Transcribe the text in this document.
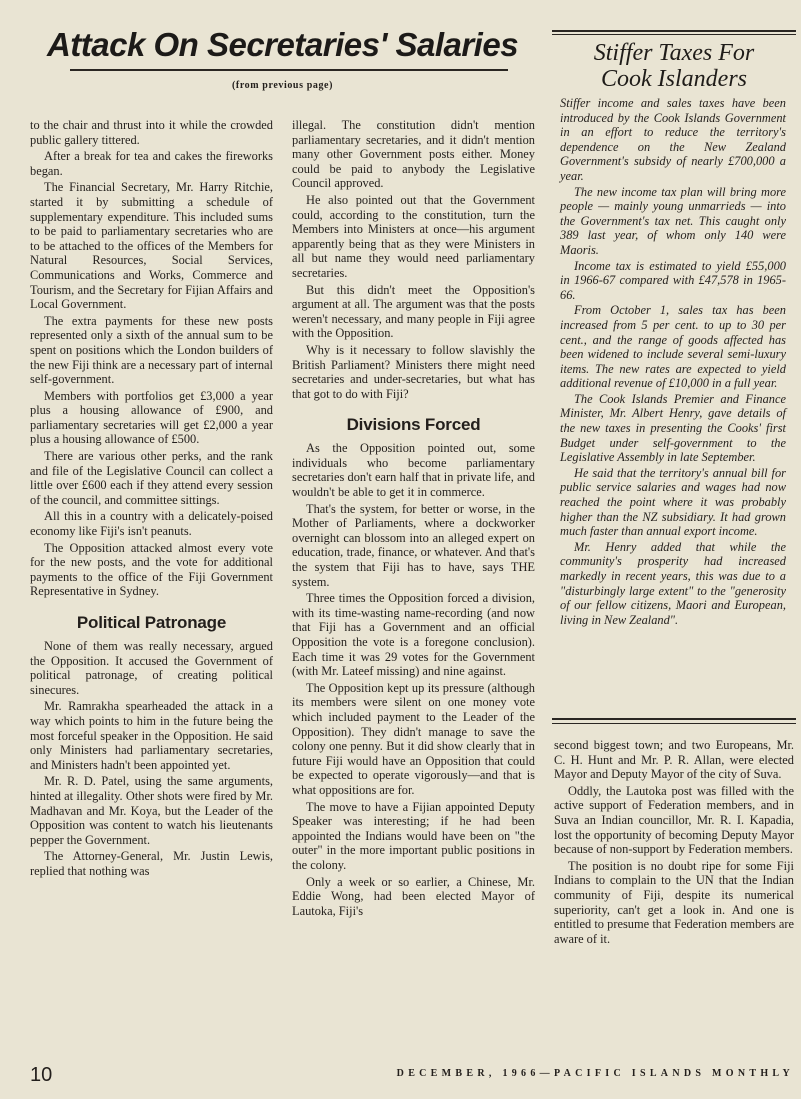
Attack On Secretaries' Salaries
(from previous page)

to the chair and thrust into it while the crowded public gallery tittered.

After a break for tea and cakes the fireworks began.

The Financial Secretary, Mr. Harry Ritchie, started it by submitting a schedule of supplementary expenditure. This included sums to be paid to parliamentary secretaries who are to be attached to the offices of the Members for Natural Resources, Social Services, Communications and Works, Commerce and Tourism, and the Secretary for Fijian Affairs and Local Government.

The extra payments for these new posts represented only a sixth of the annual sum to be spent on positions which the London builders of the new Fiji think are a necessary part of internal self-government.

Members with portfolios get £3,000 a year plus a housing allowance of £900, and parliamentary secretaries will get £2,000 a year plus a housing allowance of £500.

There are various other perks, and the rank and file of the Legislative Council can collect a little over £600 each if they attend every session of the council, and committee sittings.

All this in a country with a delicately-poised economy like Fiji's isn't peanuts.

The Opposition attacked almost every vote for the new posts, and the vote for additional payments to the office of the Fiji Government Representative in Sydney.

Political Patronage

None of them was really necessary, argued the Opposition. It accused the Government of political patronage, of creating political sinecures.

Mr. Ramrakha spearheaded the attack in a way which points to him in the future being the most forceful speaker in the Opposition. He said only Ministers had parliamentary secretaries, and Ministers hadn't been appointed yet.

Mr. R. D. Patel, using the same arguments, hinted at illegality. Other shots were fired by Mr. Madhavan and Mr. Koya, but the Leader of the Opposition was content to watch his lieutenants pepper the Government.

The Attorney-General, Mr. Justin Lewis, replied that nothing was

illegal. The constitution didn't mention parliamentary secretaries, and it didn't mention many other Government posts either. Money could be paid to anybody the Legislative Council approved.

He also pointed out that the Government could, according to the constitution, turn the Members into Ministers at once—his argument apparently being that as they were Ministers in all but name they would need parliamentary secretaries.

But this didn't meet the Opposition's argument at all. The argument was that the posts weren't necessary, and many people in Fiji agree with the Opposition.

Why is it necessary to follow slavishly the British Parliament? Ministers there might need secretaries and under-secretaries, but what has that got to do with Fiji?

Divisions Forced

As the Opposition pointed out, some individuals who become parliamentary secretaries don't earn half that in private life, and wouldn't be able to get it in commerce.

That's the system, for better or worse, in the Mother of Parliaments, where a dockworker overnight can blossom into an alleged expert on education, trade, finance, or whatever. And that's the system that Fiji has to have, says THE system.

Three times the Opposition forced a division, with its time-wasting name-recording (and now that Fiji has a Government and an official Opposition the vote is a foregone conclusion). Each time it was 29 votes for the Government (with Mr. Lateef missing) and nine against.

The Opposition kept up its pressure (although its members were silent on one money vote which included payment to the Leader of the Opposition). They didn't manage to save the colony one penny. But it did show clearly that in future Fiji would have an Opposition that could be expected to operate vigorously—and that is what oppositions are for.

The move to have a Fijian appointed Deputy Speaker was interesting; if he had been appointed the Indians would have been on "the outer" in the more important public positions in the colony.

Only a week or so earlier, a Chinese, Mr. Eddie Wong, had been elected Mayor of Lautoka, Fiji's

Stiffer Taxes For
Cook Islanders

Stiffer income and sales taxes have been introduced by the Cook Islands Government in an effort to reduce the territory's dependence on the New Zealand Government's subsidy of nearly £700,000 a year.

The new income tax plan will bring more people — mainly young unmarrieds — into the Government's tax net. This caught only 389 last year, of whom only 140 were Maoris.

Income tax is estimated to yield £55,000 in 1966-67 compared with £47,578 in 1965-66.

From October 1, sales tax has been increased from 5 per cent. to up to 30 per cent., and the range of goods affected has been widened to include several semi-luxury items. The new rates are expected to yield additional revenue of £10,000 in a full year.

The Cook Islands Premier and Finance Minister, Mr. Albert Henry, gave details of the new taxes in presenting the Cooks' first Budget under self-government to the Legislative Assembly in late September.

He said that the territory's annual bill for public service salaries and wages had now reached the point where it was probably higher than the NZ subsidiary. It had grown much faster than annual export income.

Mr. Henry added that while the community's prosperity had increased markedly in recent years, this was due to a "disturbingly large extent" to the "generosity of our fellow citizens, Maori and European, living in New Zealand".

second biggest town; and two Europeans, Mr. C. H. Hunt and Mr. P. R. Allan, were elected Mayor and Deputy Mayor of the city of Suva.

Oddly, the Lautoka post was filled with the active support of Federation members, and in Suva an Indian councillor, Mr. R. I. Kapadia, lost the opportunity of becoming Deputy Mayor because of non-support by Federation members.

The position is no doubt ripe for some Fiji Indians to complain to the UN that the Indian community of Fiji, despite its numerical superiority, can't get a look in. And one is entitled to presume that Federation members are aware of it.

10	DECEMBER, 1966—PACIFIC ISLANDS MONTHLY
